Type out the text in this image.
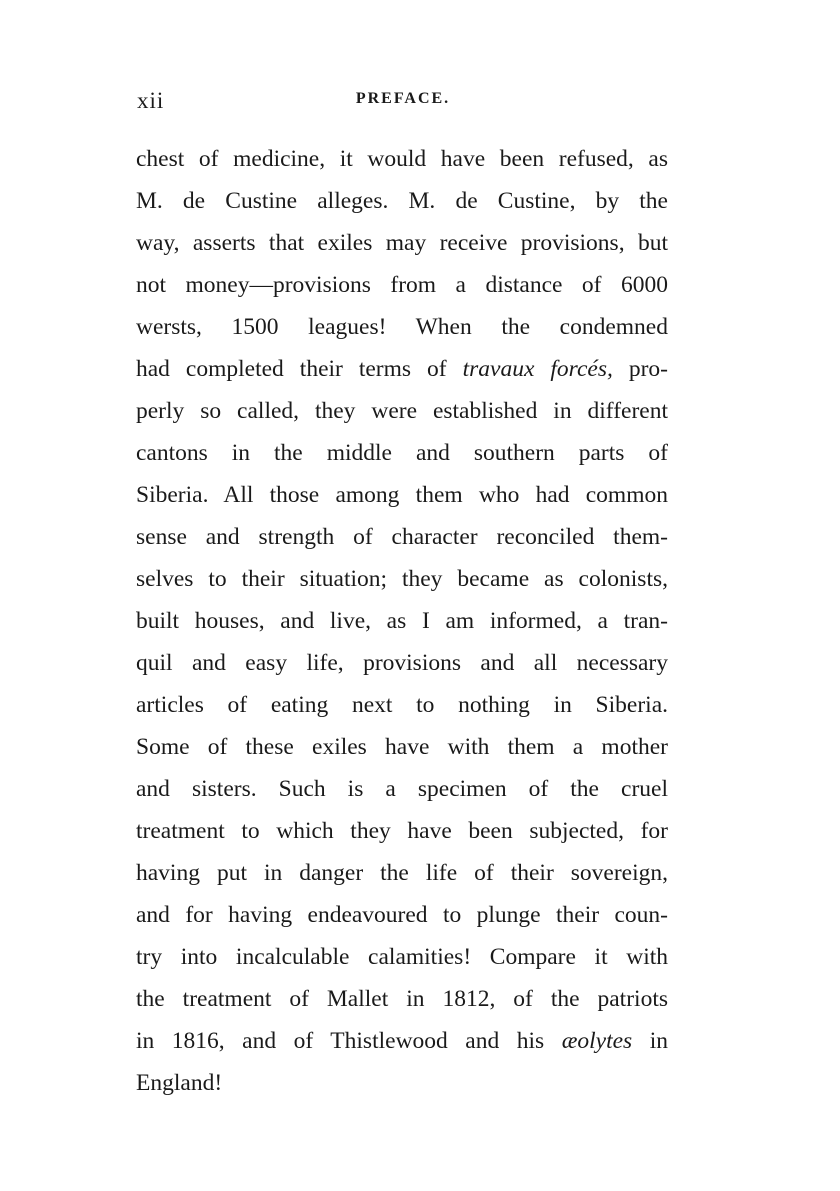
xii	PREFACE.
chest of medicine, it would have been refused, as
M. de Custine alleges. M. de Custine, by the
way, asserts that exiles may receive provisions, but
not money—provisions from a distance of 6000
wersts, 1500 leagues! When the condemned
had completed their terms of travaux forcés, pro-
perly so called, they were established in different
cantons in the middle and southern parts of
Siberia. All those among them who had common
sense and strength of character reconciled them-
selves to their situation; they became as colonists,
built houses, and live, as I am informed, a tran-
quil and easy life, provisions and all necessary
articles of eating next to nothing in Siberia.
Some of these exiles have with them a mother
and sisters. Such is a specimen of the cruel
treatment to which they have been subjected, for
having put in danger the life of their sovereign,
and for having endeavoured to plunge their coun-
try into incalculable calamities! Compare it with
the treatment of Mallet in 1812, of the patriots
in 1816, and of Thistlewood and his æolytes in
England!
